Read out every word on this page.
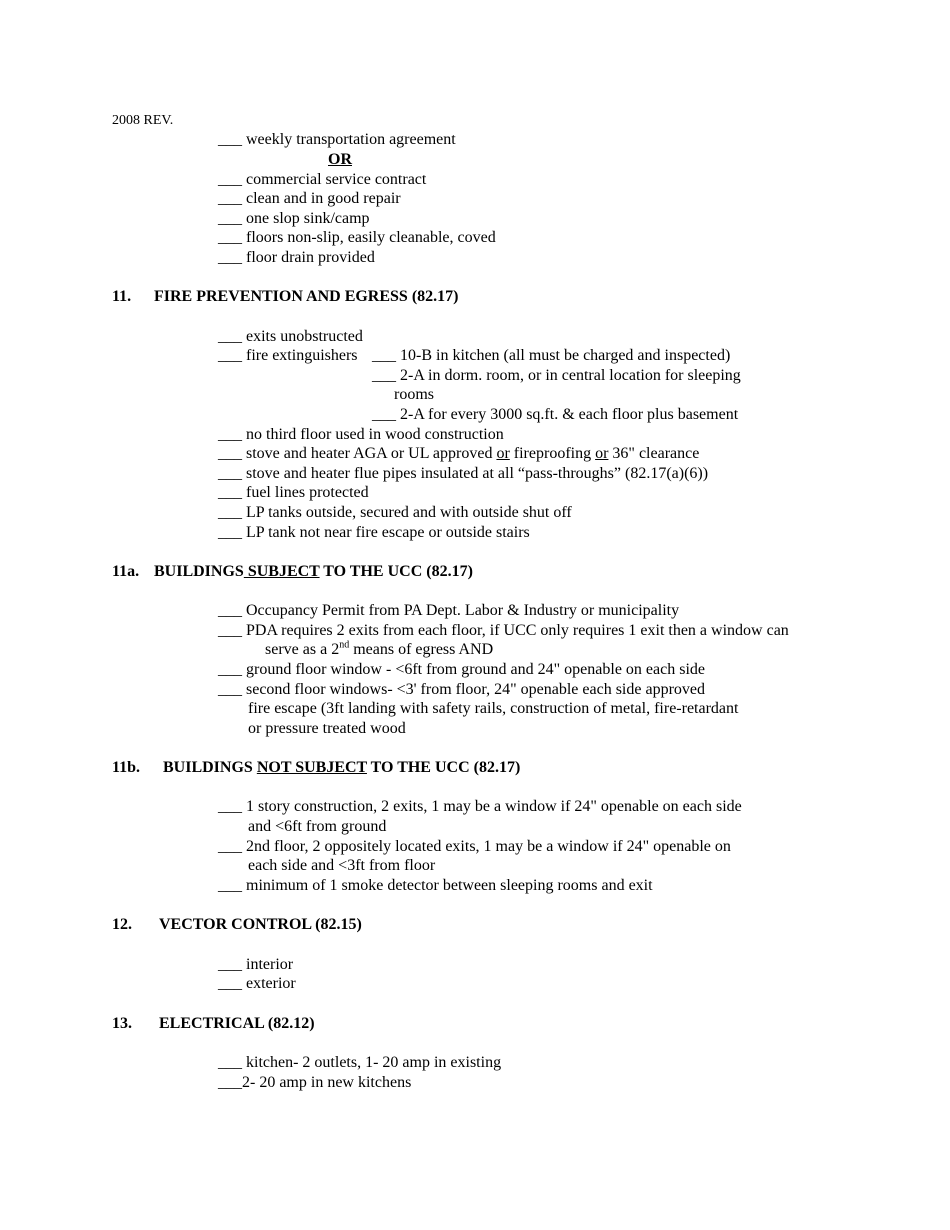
2008 REV.
___ weekly transportation agreement
OR
___ commercial service contract
___ clean and in good repair
___ one slop sink/camp
___ floors non-slip, easily cleanable, coved
___ floor drain provided
11. FIRE PREVENTION AND EGRESS (82.17)
___ exits unobstructed
___ fire extinguishers ___ 10-B in kitchen (all must be charged and inspected)
___ 2-A in dorm. room, or in central location for sleeping
rooms
___ 2-A for every 3000 sq.ft. & each floor plus basement
___ no third floor used in wood construction
___ stove and heater AGA or UL approved or fireproofing or 36" clearance
___ stove and heater flue pipes insulated at all “pass-throughs” (82.17(a)(6))
___ fuel lines protected
___ LP tanks outside, secured and with outside shut off
___ LP tank not near fire escape or outside stairs
11a. BUILDINGS SUBJECT TO THE UCC (82.17)
___ Occupancy Permit from PA Dept. Labor & Industry or municipality
___ PDA requires 2 exits from each floor, if UCC only requires 1 exit then a window can
serve as a 2nd means of egress AND
___ ground floor window - <6ft from ground and 24" openable on each side
___ second floor windows- <3' from floor, 24" openable each side approved
fire escape (3ft landing with safety rails, construction of metal, fire-retardant
or pressure treated wood
11b. BUILDINGS NOT SUBJECT TO THE UCC (82.17)
___ 1 story construction, 2 exits, 1 may be a window if 24" openable on each side
and <6ft from ground
___ 2nd floor, 2 oppositely located exits, 1 may be a window if 24" openable on
each side and <3ft from floor
___ minimum of 1 smoke detector between sleeping rooms and exit
12. VECTOR CONTROL (82.15)
___ interior
___ exterior
13. ELECTRICAL (82.12)
___ kitchen- 2 outlets, 1- 20 amp in existing
___2- 20 amp in new kitchens
